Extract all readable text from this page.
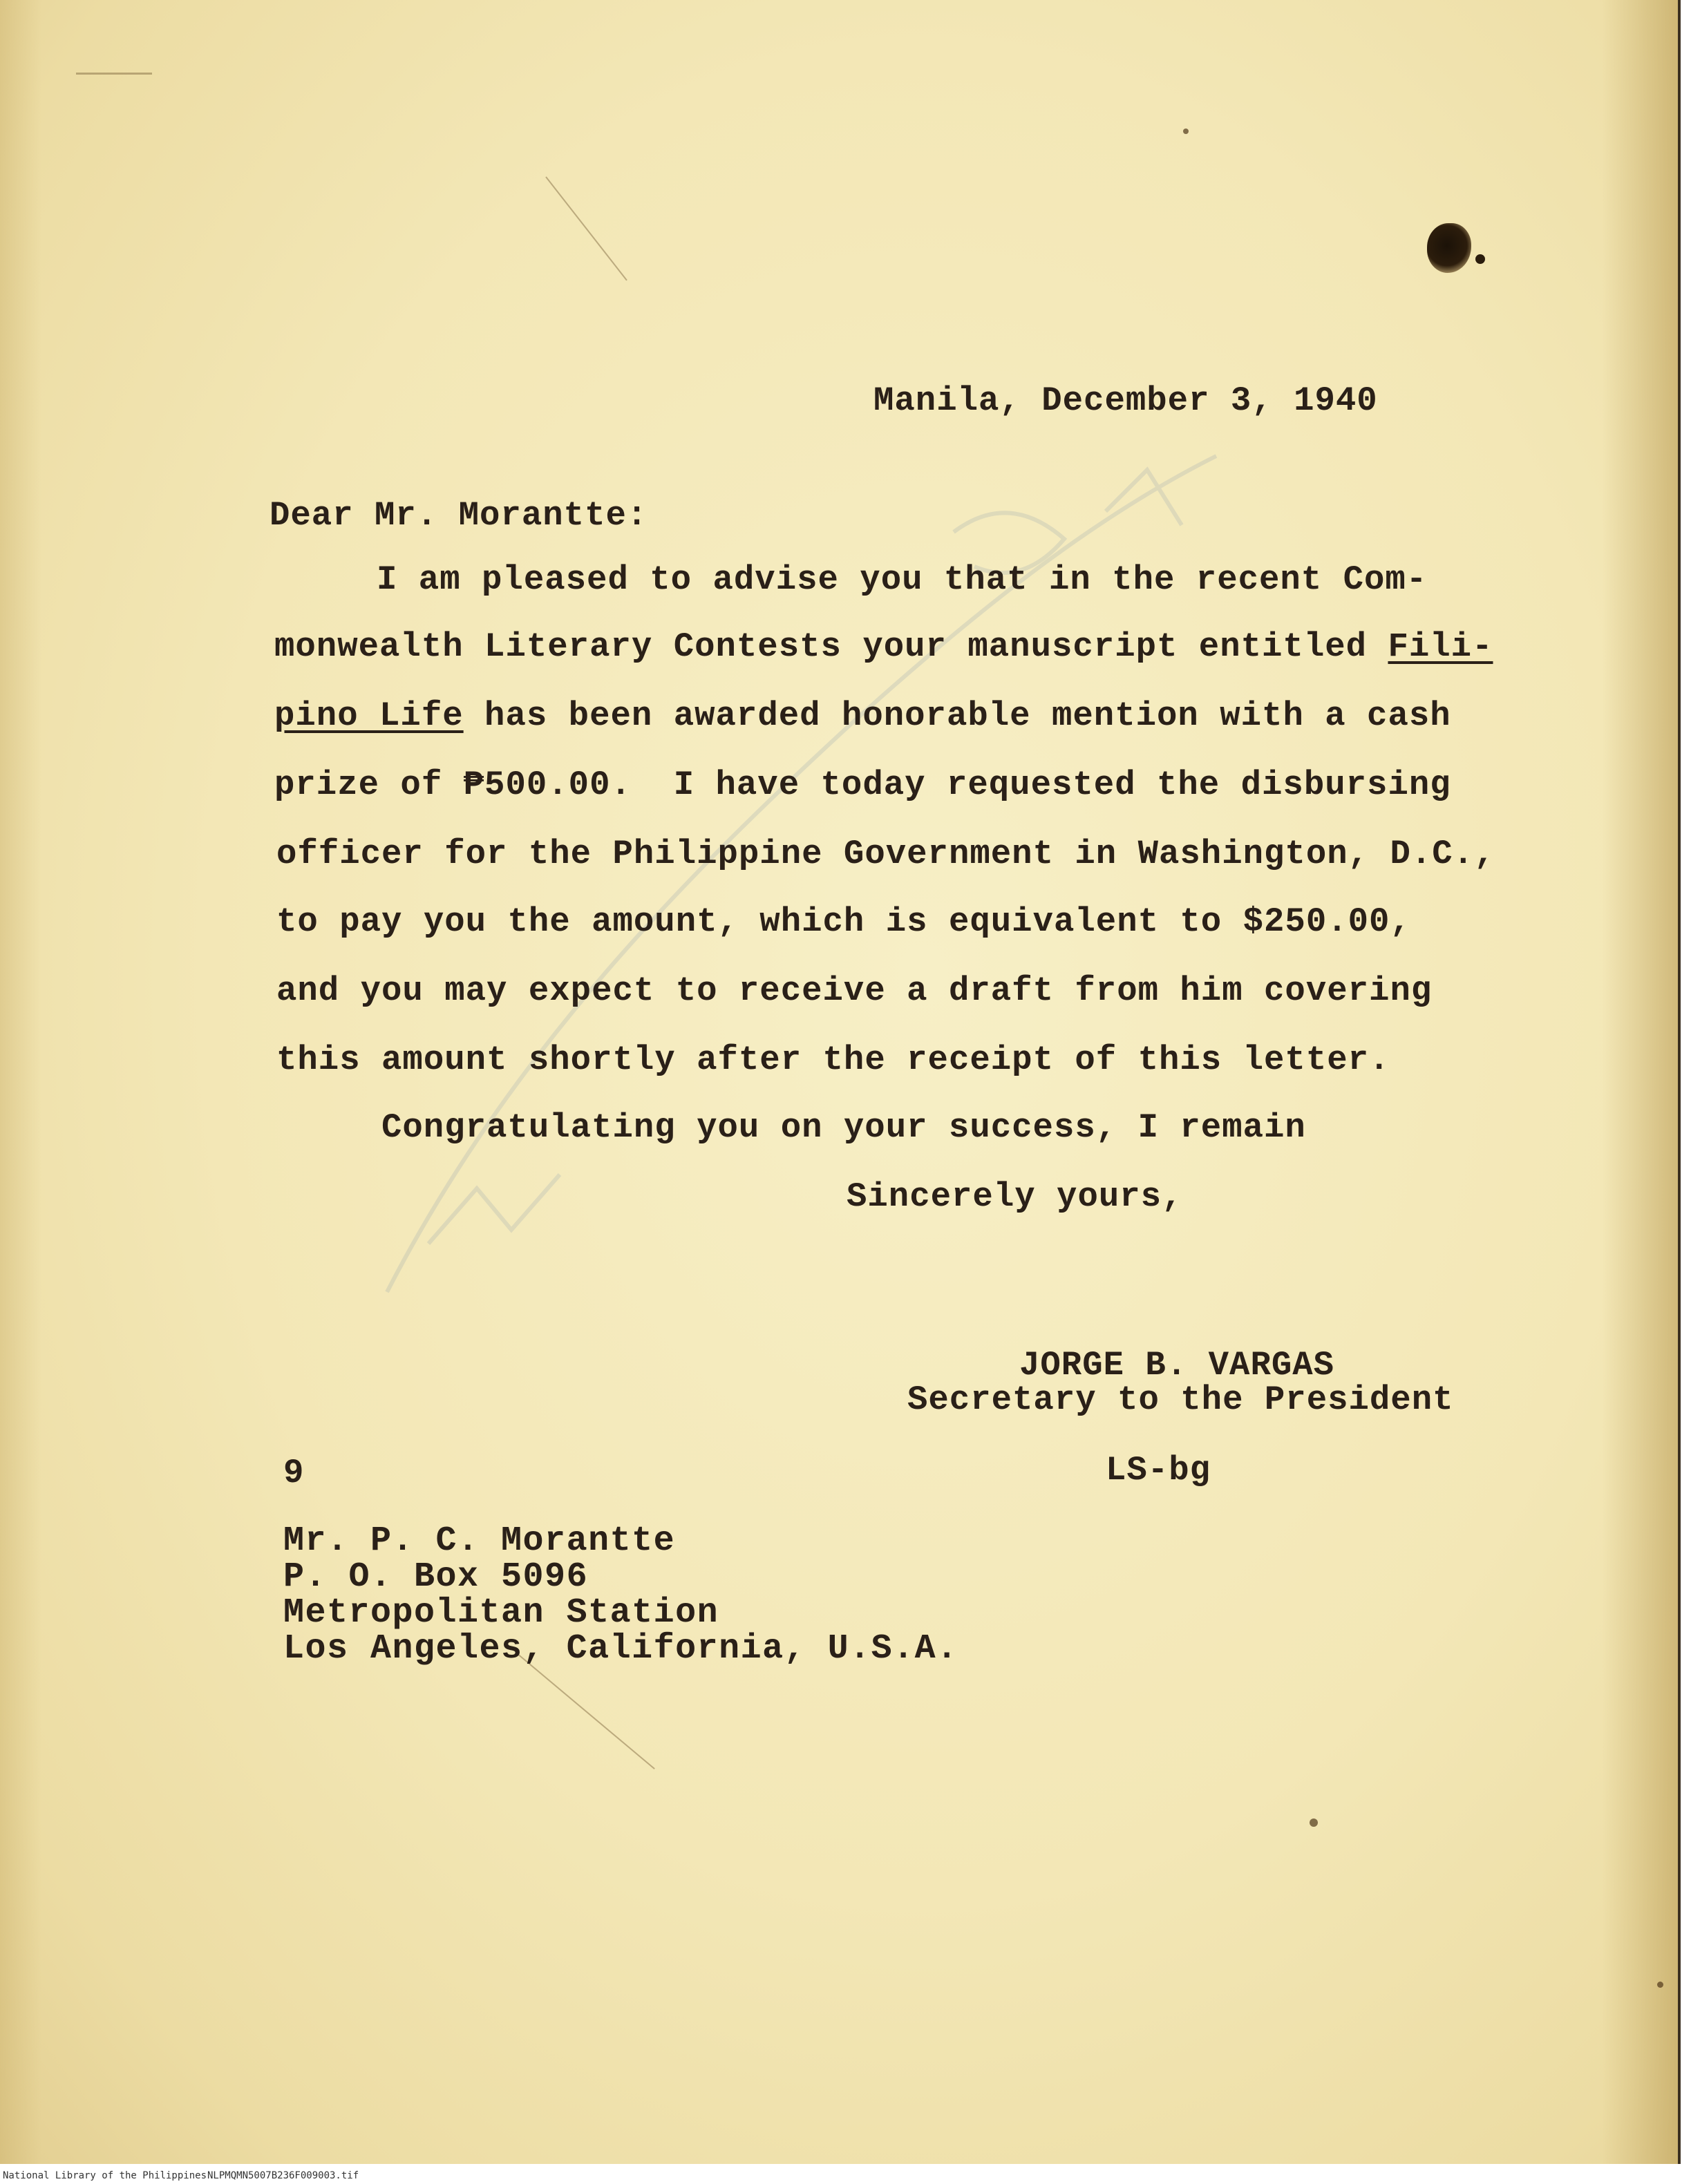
Manila, December 3, 1940

Dear Mr. Morantte:

I am pleased to advise you that in the recent Com-

monwealth Literary Contests your manuscript entitled Fili-

pino Life has been awarded honorable mention with a cash

prize of ₱500.00.  I have today requested the disbursing

officer for the Philippine Government in Washington, D.C.,

to pay you the amount, which is equivalent to $250.00,

and you may expect to receive a draft from him covering

this amount shortly after the receipt of this letter.

Congratulating you on your success, I remain

Sincerely yours,

JORGE B. VARGAS

Secretary to the President

9	LS-bg

Mr. P. C. Morantte

P. O. Box 5096

Metropolitan Station

Los Angeles, California, U.S.A.

National Library of the Philippines NLPMQMN5007B236F009003.tif
